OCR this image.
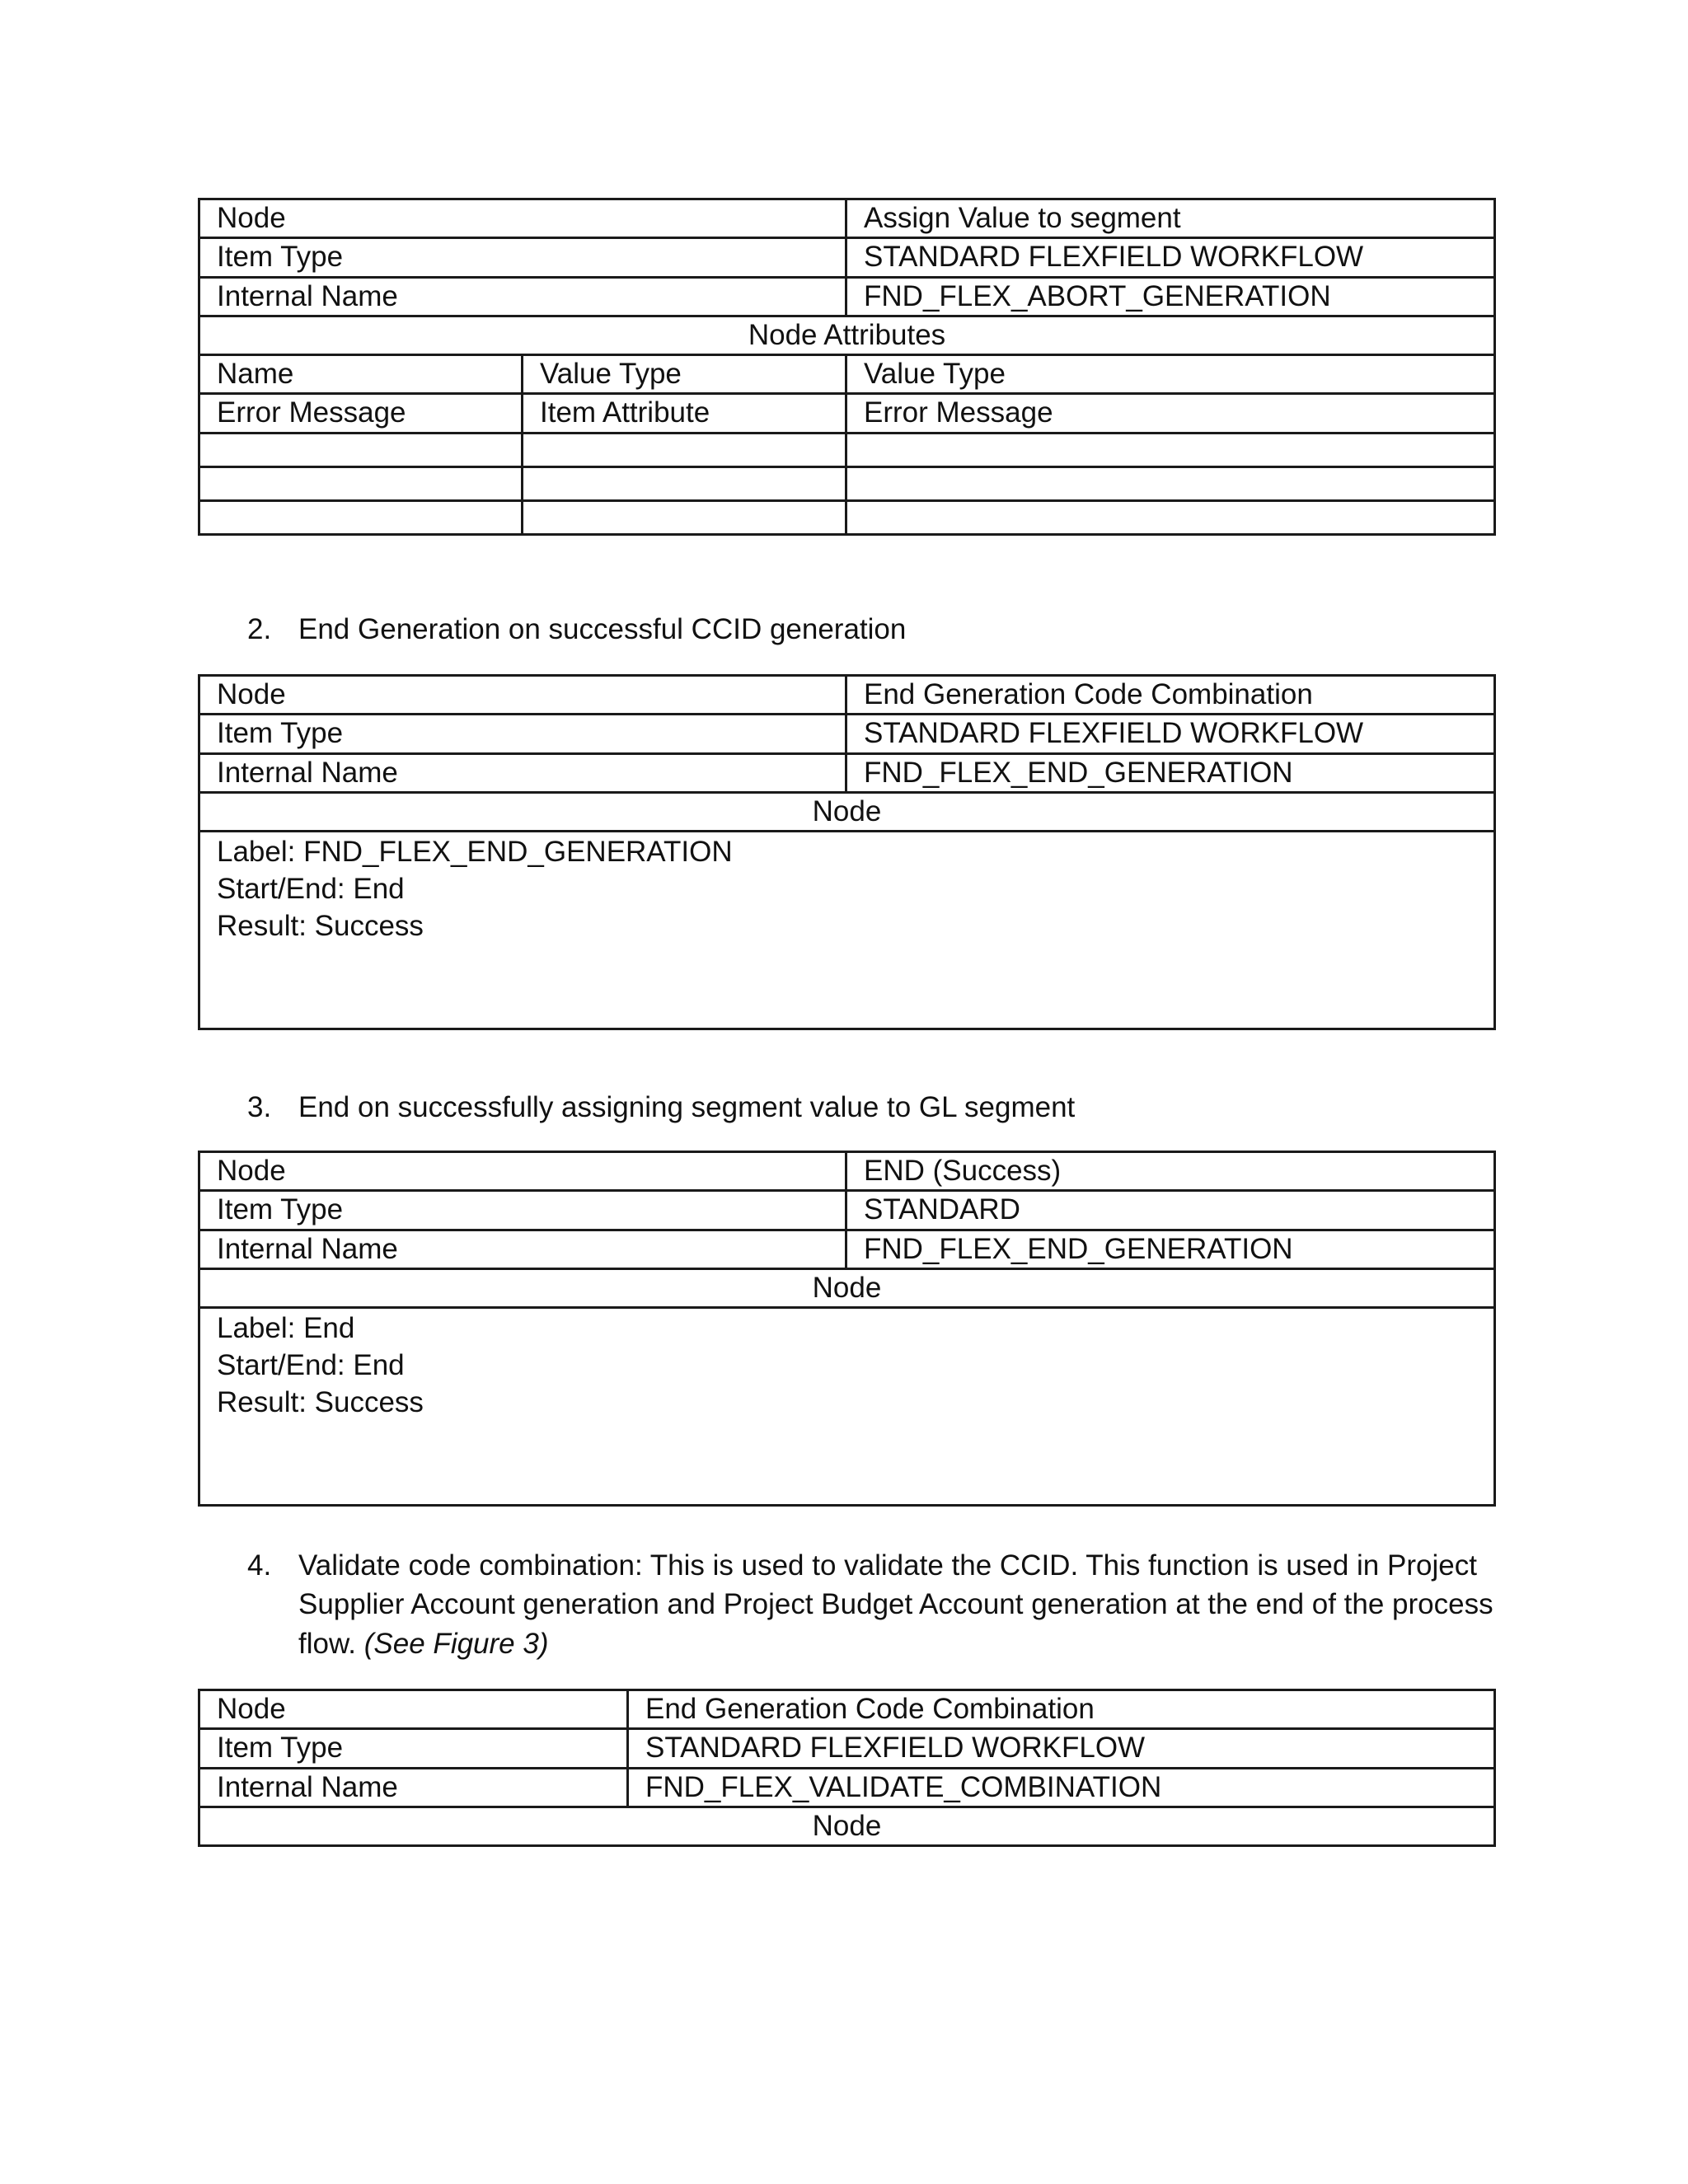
Node		Assign Value to segment
Item Type		STANDARD FLEXFIELD WORKFLOW
Internal Name		FND_FLEX_ABORT_GENERATION
Node Attributes		
Name	Value Type	Value Type
Error Message	Item Attribute	Error Message

2. End Generation on successful CCID generation
Node	End Generation Code Combination
Item Type	STANDARD FLEXFIELD WORKFLOW
Internal Name	FND_FLEX_END_GENERATION
Node	

Label: FND_FLEX_END_GENERATION
Start/End: End
Result: Success	
3. End on successfully assigning segment value to GL segment
Node	END (Success)
Item Type	STANDARD
Internal Name	FND_FLEX_END_GENERATION
Node	

Label: End
Start/End: End
Result: Success	
4. Validate code combination: This is used to validate the CCID. This function is used in Project Supplier Account generation and Project Budget Account generation at the end of the process flow. (See Figure 3)
Node	End Generation Code Combination
Item Type	STANDARD FLEXFIELD WORKFLOW
Internal Name	FND_FLEX_VALIDATE_COMBINATION
Node	
